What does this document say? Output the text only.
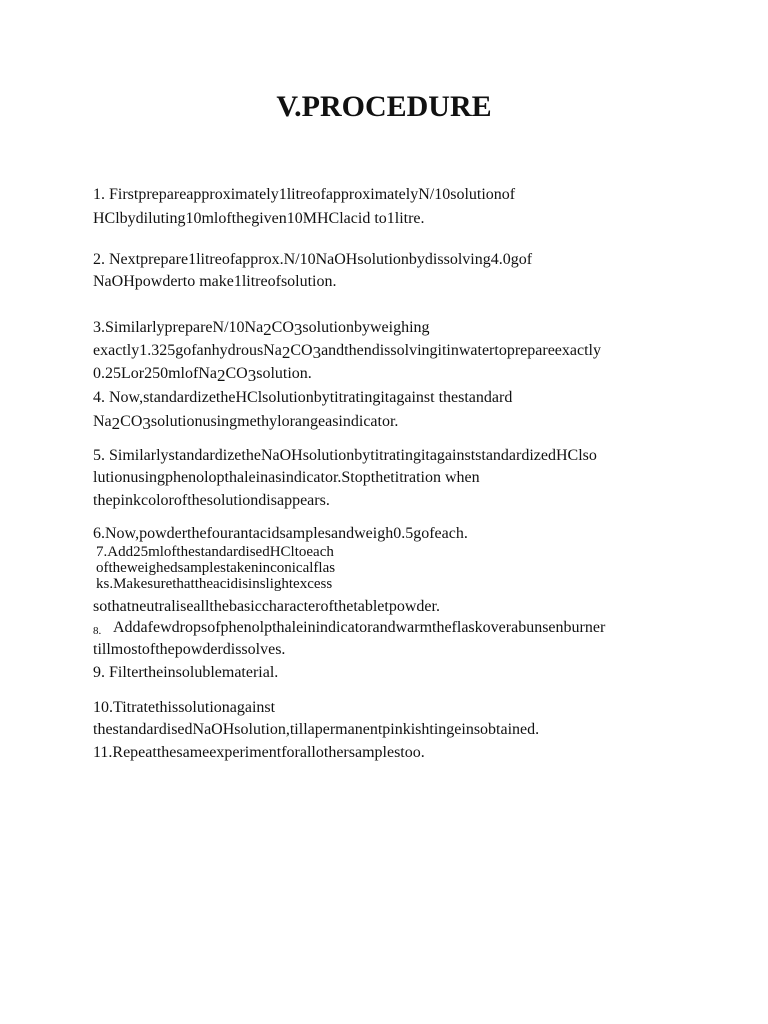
V.PROCEDURE
1. Firstprepareapproximately1litreofapproximatelyN/10solutionof
HClbydiluting10mlofthegiven10MHClacid to1litre.
2. Nextprepare1litreofapprox.N/10NaOHsolutionbydissolving4.0gof
NaOHpowderto make1litreofsolution.
3.SimilarlyprepareN/10Na2CO3solutionbyweighing
exactly1.325gofanhydrousNa2CO3andthendissolvingitinwatertoprepareexactly
0.25Lor250mlofNa2CO3solution.
4. Now,standardizetheHClsolutionbytitratingitagainst thestandard
Na2CO3solutionusingmethylorangeasindicator.
5. SimilarlystandardizetheNaOHsolutionbytitratingitagainststandardizedHClso
lutionusingphenolopthaleinasindicator.Stopthetitration when
thepinkcolorofthesolutiondisappears.
6.Now,powderthefourantacidsamplesandweigh0.5gofeach.
7.Add25mlofthestandardisedHCltoeach
oftheweighedsamplestakeninconicalflas
ks.Makesurethattheacidisinslightexcess
sothatneutraliseallthebasiccharacterofthetabletpowder.
8. Addafewdropsofphenolpthaleinindicatorandwarmtheflaskoverabunsenburner
tillmostofthepowderdissolves.
9. Filtertheinsolublematerial.
10.Titratethissolutionagainst
thestandardisedNaOHsolution,tillapermanentpinkishtingeinsobtained.
11.Repeatthesameexperimentforallothersamplestoo.
